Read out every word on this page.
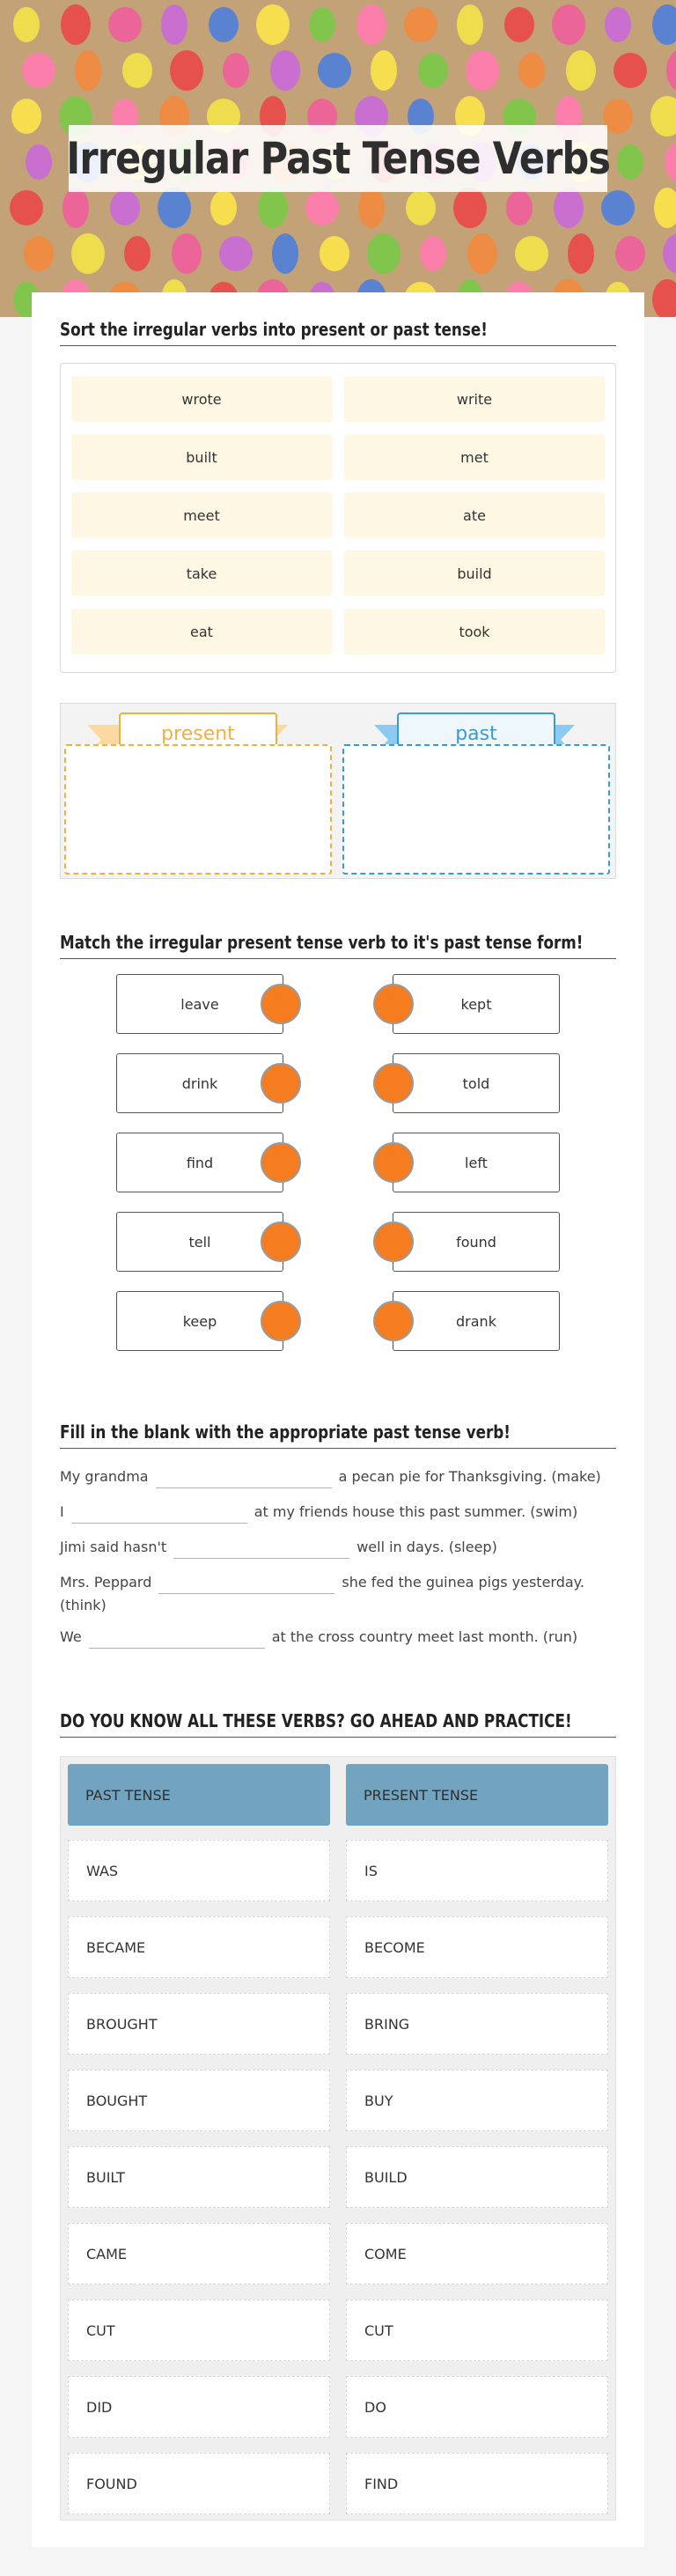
Irregular Past Tense Verbs
Sort the irregular verbs into present or past tense!
wrote	write
built	met
meet	ate
take	build
eat	took
present	past
Match the irregular present tense verb to it's past tense form!
leave	kept
drink	told
find	left
tell	found
keep	drank
Fill in the blank with the appropriate past tense verb!
My grandma	a pecan pie for Thanksgiving. (make)
I	at my friends house this past summer. (swim)
Jimi said hasn't	well in days. (sleep)
Mrs. Peppard	she fed the guinea pigs yesterday. (think)
We	at the cross country meet last month. (run)
DO YOU KNOW ALL THESE VERBS? GO AHEAD AND PRACTICE!
PAST TENSE	PRESENT TENSE
WAS	IS
BECAME	BECOME
BROUGHT	BRING
BOUGHT	BUY
BUILT	BUILD
CAME	COME
CUT	CUT
DID	DO
FOUND	FIND
